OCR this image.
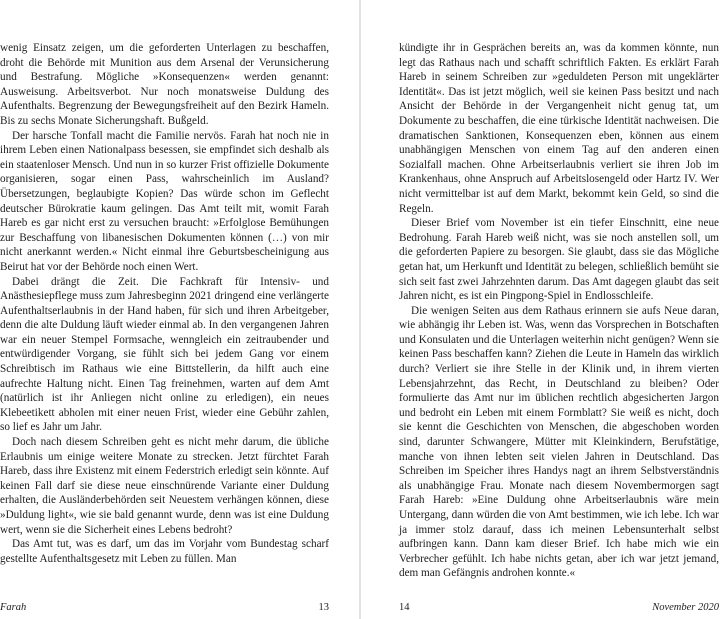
wenig Einsatz zeigen, um die geforderten Unterlagen zu beschaffen, droht die Behörde mit Munition aus dem Arsenal der Verunsicherung und Bestrafung. Mögliche »Konsequenzen« werden genannt: Ausweisung. Arbeitsverbot. Nur noch monatsweise Duldung des Aufenthalts. Begrenzung der Bewegungsfreiheit auf den Bezirk Hameln. Bis zu sechs Monate Sicherungshaft. Bußgeld.

Der harsche Tonfall macht die Familie nervös. Farah hat noch nie in ihrem Leben einen Nationalpass besessen, sie empfindet sich deshalb als ein staatenloser Mensch. Und nun in so kurzer Frist offizielle Dokumente organisieren, sogar einen Pass, wahrscheinlich im Ausland? Übersetzungen, beglaubigte Kopien? Das würde schon im Geflecht deutscher Bürokratie kaum gelingen. Das Amt teilt mit, womit Farah Hareb es gar nicht erst zu versuchen braucht: »Erfolglose Bemühungen zur Beschaffung von libanesischen Dokumenten können (…) von mir nicht anerkannt werden.« Nicht einmal ihre Geburtsbescheinigung aus Beirut hat vor der Behörde noch einen Wert.

Dabei drängt die Zeit. Die Fachkraft für Intensiv- und Anästhesiepflege muss zum Jahresbeginn 2021 dringend eine verlängerte Aufenthaltserlaubnis in der Hand haben, für sich und ihren Arbeitgeber, denn die alte Duldung läuft wieder einmal ab. In den vergangenen Jahren war ein neuer Stempel Formsache, wenngleich ein zeitraubender und entwürdigender Vorgang, sie fühlt sich bei jedem Gang vor einem Schreibtisch im Rathaus wie eine Bittstellerin, da hilft auch eine aufrechte Haltung nicht. Einen Tag freinehmen, warten auf dem Amt (natürlich ist ihr Anliegen nicht online zu erledigen), ein neues Klebeetikett abholen mit einer neuen Frist, wieder eine Gebühr zahlen, so lief es Jahr um Jahr.

Doch nach diesem Schreiben geht es nicht mehr darum, die übliche Erlaubnis um einige weitere Monate zu strecken. Jetzt fürchtet Farah Hareb, dass ihre Existenz mit einem Federstrich erledigt sein könnte. Auf keinen Fall darf sie diese neue einschnürende Variante einer Duldung erhalten, die Ausländerbehörden seit Neuestem verhängen können, diese »Duldung light«, wie sie bald genannt wurde, denn was ist eine Duldung wert, wenn sie die Sicherheit eines Lebens bedroht?

Das Amt tut, was es darf, um das im Vorjahr vom Bundestag scharf gestellte Aufenthaltsgesetz mit Leben zu füllen. Man

Farah	13

kündigte ihr in Gesprächen bereits an, was da kommen könnte, nun legt das Rathaus nach und schafft schriftlich Fakten. Es erklärt Farah Hareb in seinem Schreiben zur »geduldeten Person mit ungeklärter Identität«. Das ist jetzt möglich, weil sie keinen Pass besitzt und nach Ansicht der Behörde in der Vergangenheit nicht genug tat, um Dokumente zu beschaffen, die eine türkische Identität nachweisen. Die dramatischen Sanktionen, Konsequenzen eben, können aus einem unabhängigen Menschen von einem Tag auf den anderen einen Sozialfall machen. Ohne Arbeitserlaubnis verliert sie ihren Job im Krankenhaus, ohne Anspruch auf Arbeitslosengeld oder Hartz IV. Wer nicht vermittelbar ist auf dem Markt, bekommt kein Geld, so sind die Regeln.

Dieser Brief vom November ist ein tiefer Einschnitt, eine neue Bedrohung. Farah Hareb weiß nicht, was sie noch anstellen soll, um die geforderten Papiere zu besorgen. Sie glaubt, dass sie das Mögliche getan hat, um Herkunft und Identität zu belegen, schließlich bemüht sie sich seit fast zwei Jahrzehnten darum. Das Amt dagegen glaubt das seit Jahren nicht, es ist ein Pingpong-Spiel in Endlosschleife.

Die wenigen Seiten aus dem Rathaus erinnern sie aufs Neue daran, wie abhängig ihr Leben ist. Was, wenn das Vorsprechen in Botschaften und Konsulaten und die Unterlagen weiterhin nicht genügen? Wenn sie keinen Pass beschaffen kann? Ziehen die Leute in Hameln das wirklich durch? Verliert sie ihre Stelle in der Klinik und, in ihrem vierten Lebensjahrzehnt, das Recht, in Deutschland zu bleiben? Oder formulierte das Amt nur im üblichen rechtlich abgesicherten Jargon und bedroht ein Leben mit einem Formblatt? Sie weiß es nicht, doch sie kennt die Geschichten von Menschen, die abgeschoben worden sind, darunter Schwangere, Mütter mit Kleinkindern, Berufstätige, manche von ihnen lebten seit vielen Jahren in Deutschland. Das Schreiben im Speicher ihres Handys nagt an ihrem Selbstverständnis als unabhängige Frau. Monate nach diesem Novembermorgen sagt Farah Hareb: »Eine Duldung ohne Arbeitserlaubnis wäre mein Untergang, dann würden die von Amt bestimmen, wie ich lebe. Ich war ja immer stolz darauf, dass ich meinen Lebensunterhalt selbst aufbringen kann. Dann kam dieser Brief. Ich habe mich wie ein Verbrecher gefühlt. Ich habe nichts getan, aber ich war jetzt jemand, dem man Gefängnis androhen konnte.«

14	November 2020
